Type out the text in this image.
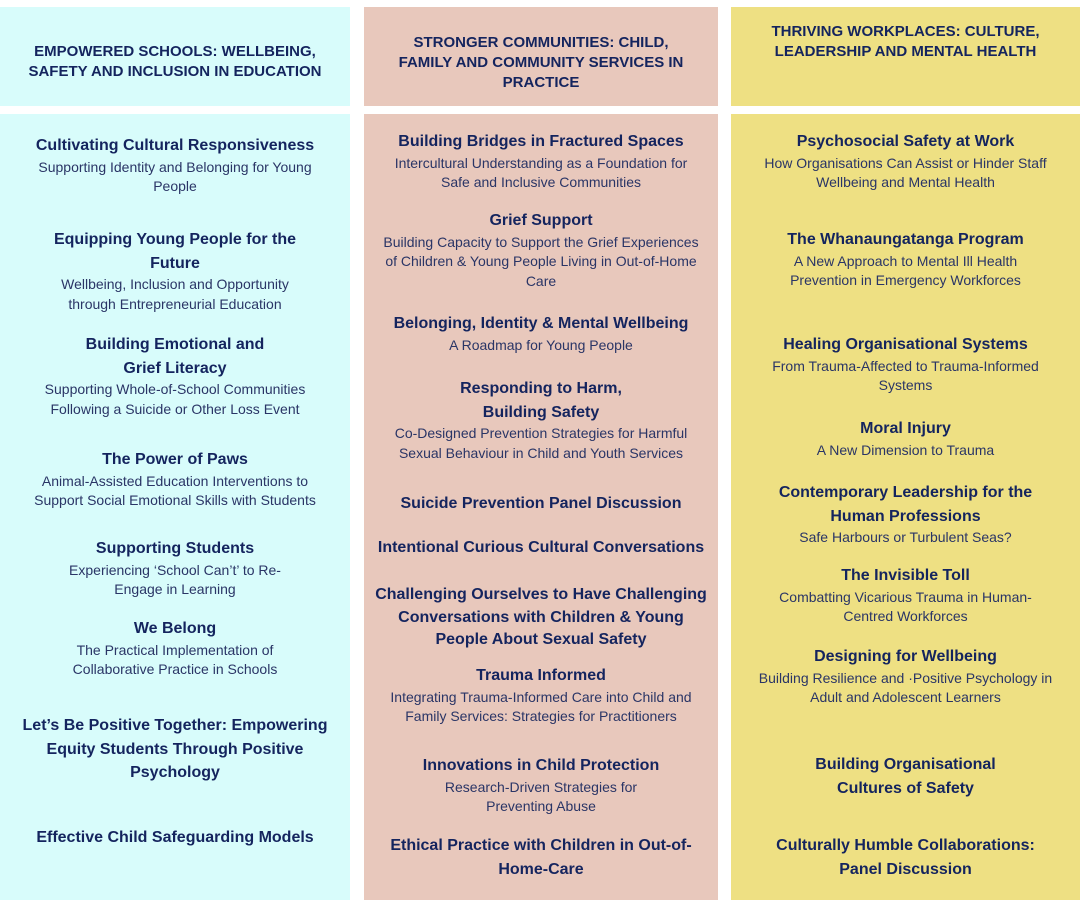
EMPOWERED SCHOOLS: WELLBEING, SAFETY AND INCLUSION IN EDUCATION
Cultivating Cultural Responsiveness
Supporting Identity and Belonging for Young People
Equipping Young People for the Future
Wellbeing, Inclusion and Opportunity through Entrepreneurial Education
Building Emotional and Grief Literacy
Supporting Whole-of-School Communities Following a Suicide or Other Loss Event
The Power of Paws
Animal-Assisted Education Interventions to Support Social Emotional Skills with Students
Supporting Students
Experiencing ‘School Can’t’ to Re-Engage in Learning
We Belong
The Practical Implementation of Collaborative Practice in Schools
Let’s Be Positive Together: Empowering Equity Students Through Positive Psychology
Effective Child Safeguarding Models
STRONGER COMMUNITIES: CHILD, FAMILY AND COMMUNITY SERVICES IN PRACTICE
Building Bridges in Fractured Spaces
Intercultural Understanding as a Foundation for Safe and Inclusive Communities
Grief Support
Building Capacity to Support the Grief Experiences of Children & Young People Living in Out-of-Home Care
Belonging, Identity & Mental Wellbeing
A Roadmap for Young People
Responding to Harm, Building Safety
Co-Designed Prevention Strategies for Harmful Sexual Behaviour in Child and Youth Services
Suicide Prevention Panel Discussion
Intentional Curious Cultural Conversations
Challenging Ourselves to Have Challenging Conversations with Children & Young People About Sexual Safety
Trauma Informed
Integrating Trauma-Informed Care into Child and Family Services: Strategies for Practitioners
Innovations in Child Protection
Research-Driven Strategies for Preventing Abuse
Ethical Practice with Children in Out-of-Home-Care
THRIVING WORKPLACES: CULTURE, LEADERSHIP AND MENTAL HEALTH
Psychosocial Safety at Work
How Organisations Can Assist or Hinder Staff Wellbeing and Mental Health
The Whanaungatanga Program
A New Approach to Mental Ill Health Prevention in Emergency Workforces
Healing Organisational Systems
From Trauma-Affected to Trauma-Informed Systems
Moral Injury
A New Dimension to Trauma
Contemporary Leadership for the Human Professions
Safe Harbours or Turbulent Seas?
The Invisible Toll
Combatting Vicarious Trauma in Human-Centred Workforces
Designing for Wellbeing
Building Resilience and ·Positive Psychology in Adult and Adolescent Learners
Building Organisational Cultures of Safety
Culturally Humble Collaborations: Panel Discussion
